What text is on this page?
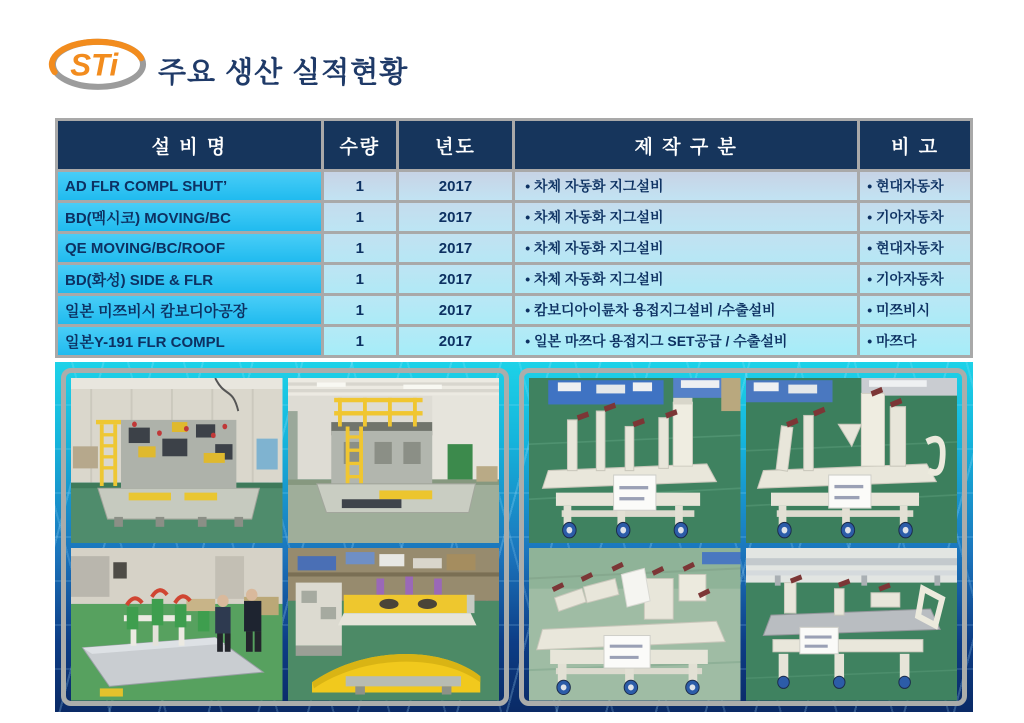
STi 주요 생산 실적현황
설 비 명	수량	년도	제 작 구 분	비 고
AD FLR COMPL SHUT’	1	2017	• 차체 자동화 지그설비	• 현대자동차
BD(멕시코) MOVING/BC	1	2017	• 차체 자동화 지그설비	• 기아자동차
QE MOVING/BC/ROOF	1	2017	• 차체 자동화 지그설비	• 현대자동차
BD(화성) SIDE & FLR	1	2017	• 차체 자동화 지그설비	• 기아자동차
일본 미쯔비시 캄보디아공장	1	2017	• 캄보디아이륜차 용접지그설비 /수출설비	• 미쯔비시
일본Y-191 FLR COMPL	1	2017	• 일본 마쯔다 용접지그 SET공급 / 수출설비	• 마쯔다
